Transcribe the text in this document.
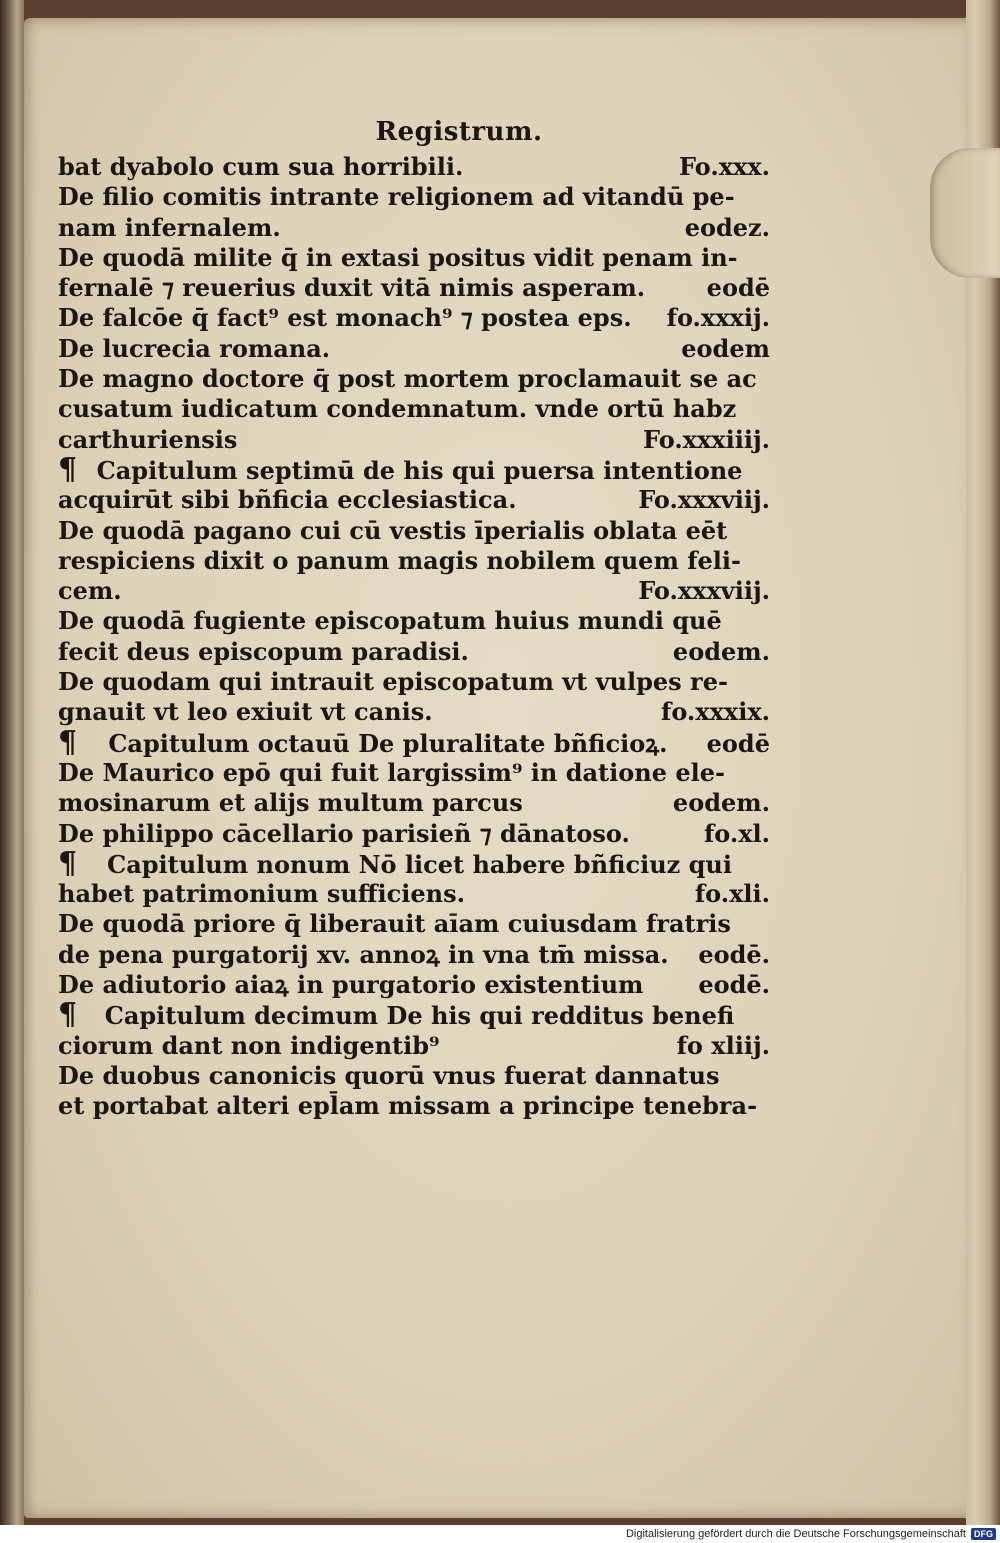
Registrum.
bat dyabolo cum sua horribili.	Fo.xxx.
De filio comitis intrante religionem ad vitandū pe-
nam infernalem.	eodez.
De quodā milite q̄ in extasi positus vidit penam in-
fernalē ⁊ reuerius duxit vitā nimis asperam.	eodē
De falcōe q̄ fact⁹ est monach⁹ ⁊ postea eps.	fo.xxxij.
De lucrecia romana.	eodem
De magno doctore q̄ post mortem proclamauit se ac
cusatum iudicatum condemnatum. vnde ortū habz
carthuriensis	Fo.xxxiiij.
¶ Capitulum septimū de his qui puersa intentione
acquirūt sibi bñficia ecclesiastica.	Fo.xxxviij.
De quodā pagano cui cū vestis īperialis oblata eēt
respiciens dixit o panum magis nobilem quem feli-
cem.	Fo.xxxviij.
De quodā fugiente episcopatum huius mundi quē
fecit deus episcopum paradisi.	eodem.
De quodam qui intrauit episcopatum vt vulpes re-
gnauit vt leo exiuit vt canis.	fo.xxxix.
¶ Capitulum octauū De pluralitate bñficioꝝ.	eodē
De Maurico epō qui fuit largissim⁹ in datione ele-
mosinarum et alijs multum parcus	eodem.
De philippo cācellario parisieñ ⁊ dānatoso.	fo.xl.
¶ Capitulum nonum Nō licet habere bñficiuz qui
habet patrimonium sufficiens.	fo.xli.
De quodā priore q̄ liberauit aīam cuiusdam fratris
de pena purgatorij xv. annoꝝ in vna tm̄ missa.	eodē.
De adiutorio aiaꝝ in purgatorio existentium	eodē.
¶ Capitulum decimum De his qui redditus benefi
ciorum dant non indigentib⁹	fo xliij.
De duobus canonicis quorū vnus fuerat dannatus
et portabat alteri epl̄am missam a principe tenebra-
Digitalisierung gefördert durch die Deutsche Forschungsgemeinschaft DFG
